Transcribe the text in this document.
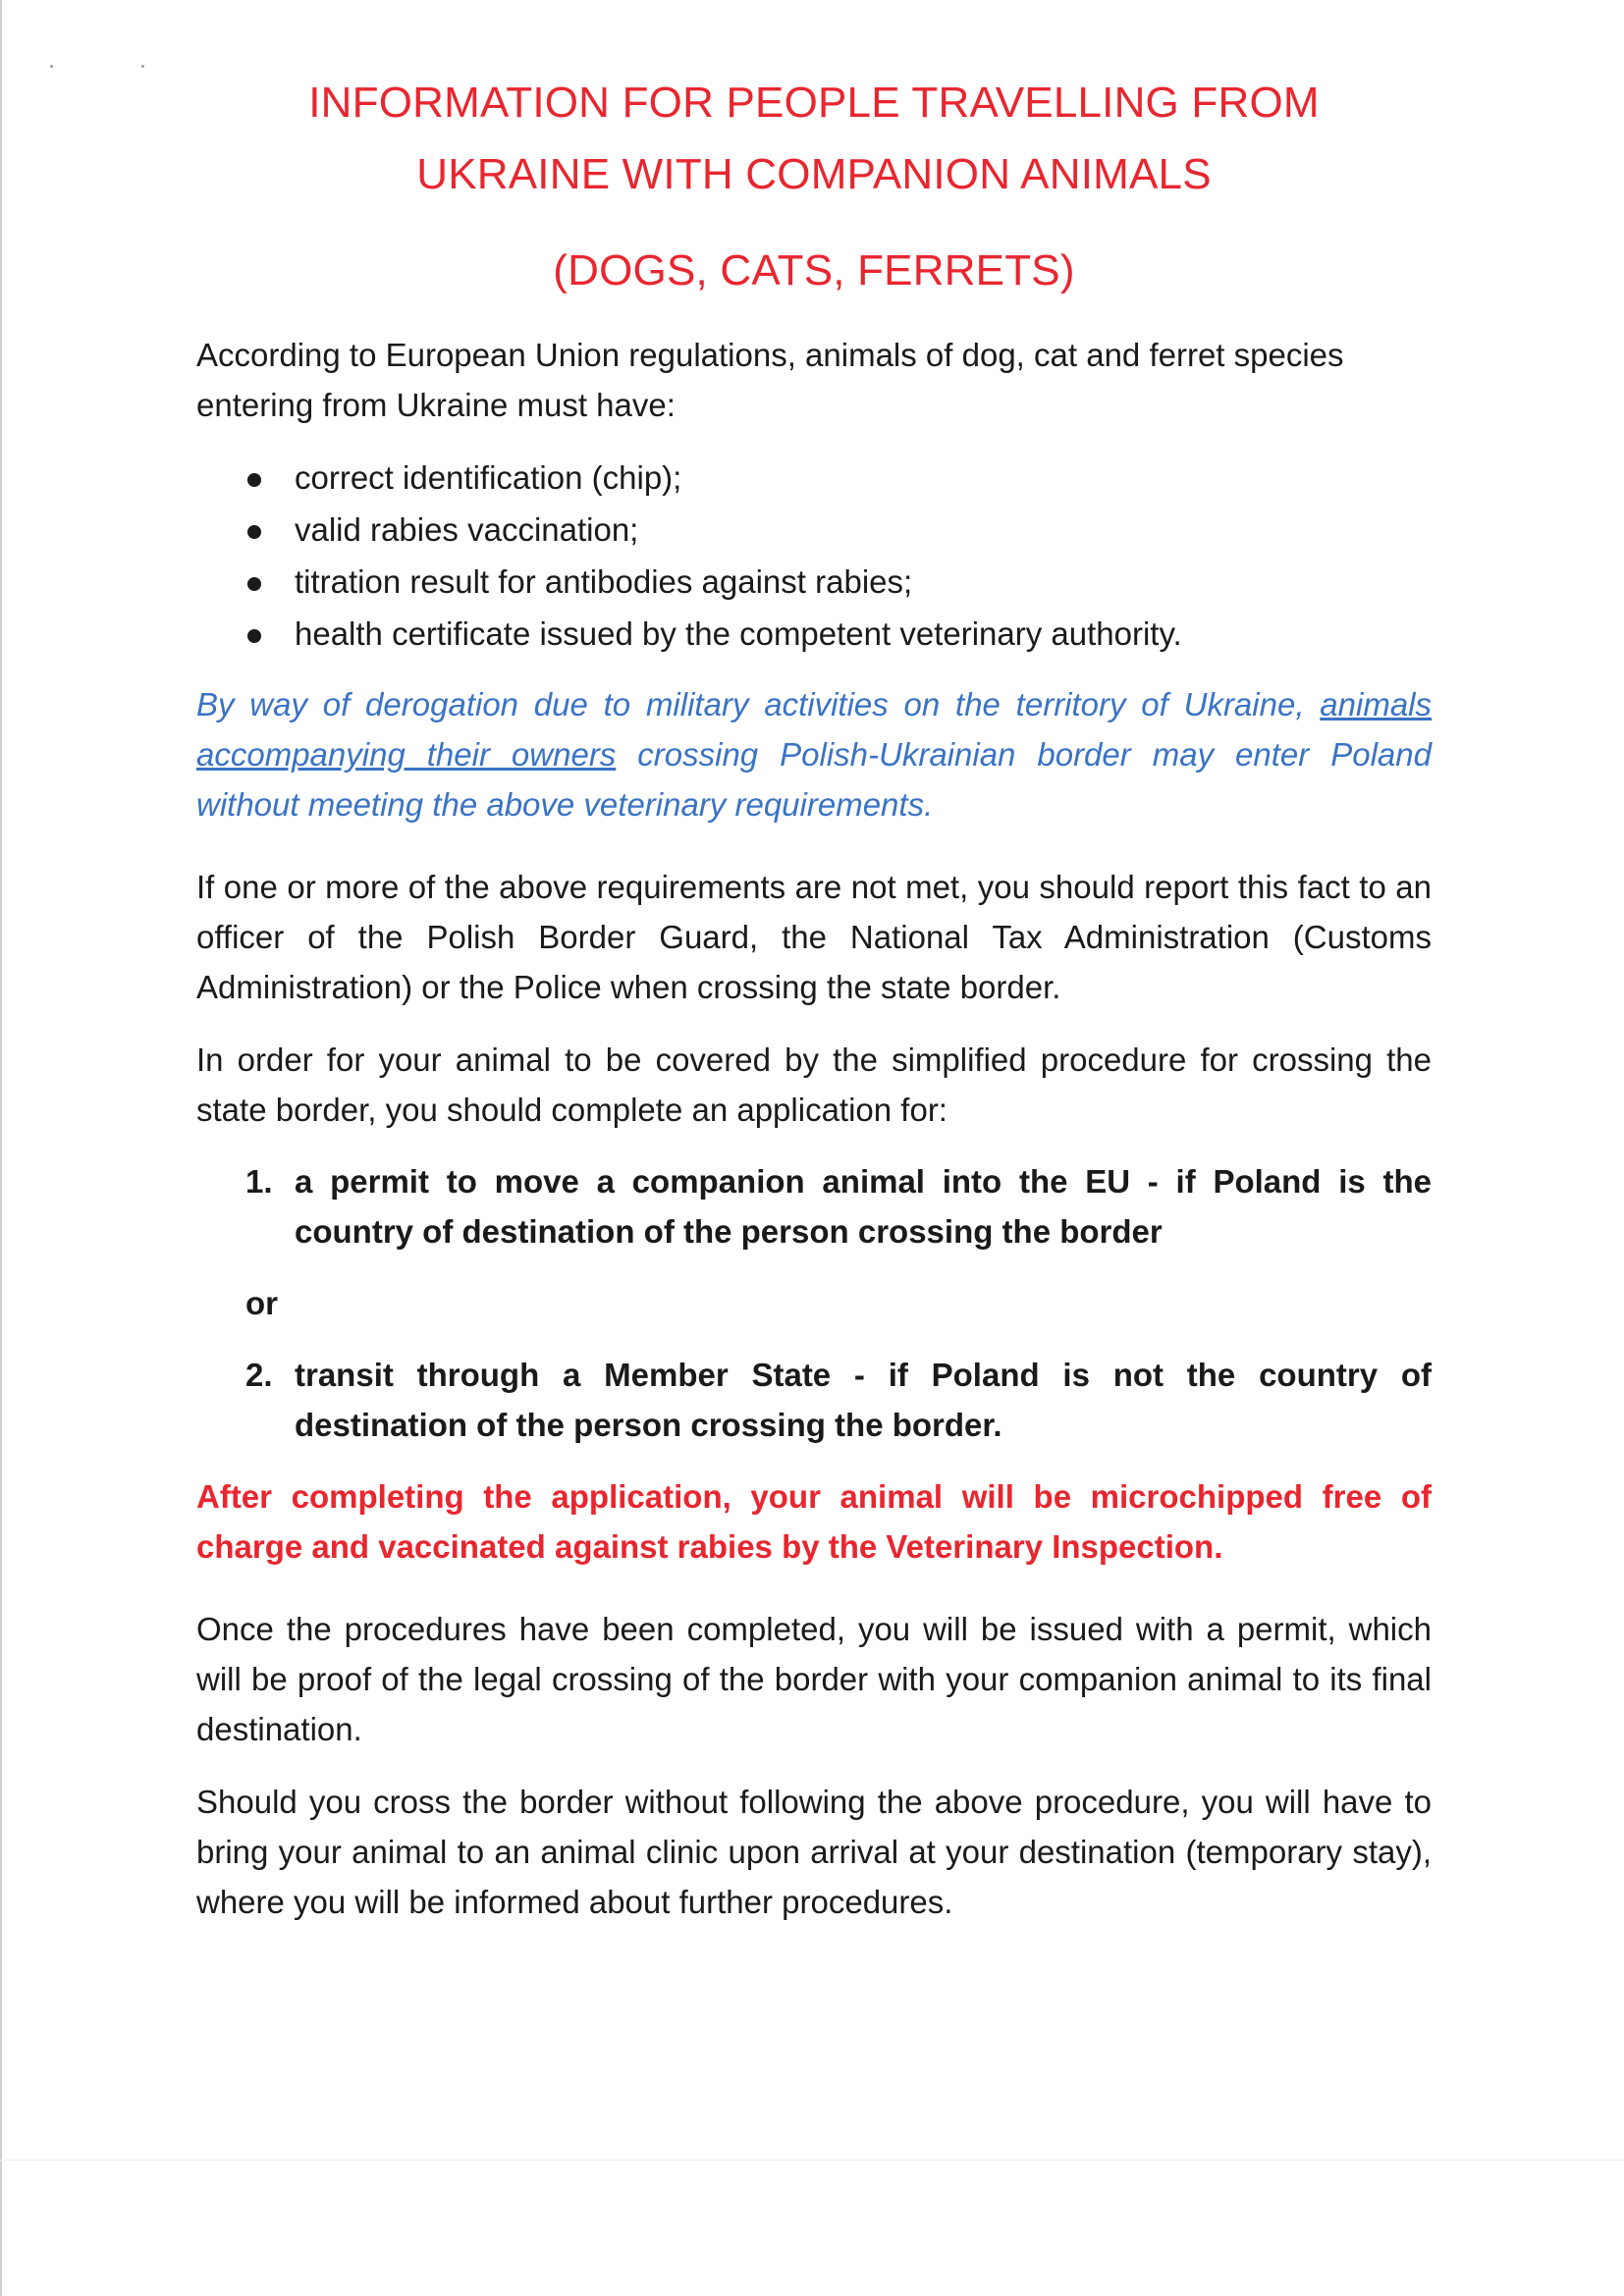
INFORMATION FOR PEOPLE TRAVELLING FROM
UKRAINE WITH COMPANION ANIMALS
(DOGS, CATS, FERRETS)

According to European Union regulations, animals of dog, cat and ferret species entering from Ukraine must have:

correct identification (chip);
valid rabies vaccination;
titration result for antibodies against rabies;
health certificate issued by the competent veterinary authority.

By way of derogation due to military activities on the territory of Ukraine, animals accompanying their owners crossing Polish-Ukrainian border may enter Poland without meeting the above veterinary requirements.

If one or more of the above requirements are not met, you should report this fact to an officer of the Polish Border Guard, the National Tax Administration (Customs Administration) or the Police when crossing the state border.

In order for your animal to be covered by the simplified procedure for crossing the state border, you should complete an application for:

1. a permit to move a companion animal into the EU - if Poland is the country of destination of the person crossing the border
or
2. transit through a Member State - if Poland is not the country of destination of the person crossing the border.

After completing the application, your animal will be microchipped free of charge and vaccinated against rabies by the Veterinary Inspection.

Once the procedures have been completed, you will be issued with a permit, which will be proof of the legal crossing of the border with your companion animal to its final destination.

Should you cross the border without following the above procedure, you will have to bring your animal to an animal clinic upon arrival at your destination (temporary stay), where you will be informed about further procedures.
